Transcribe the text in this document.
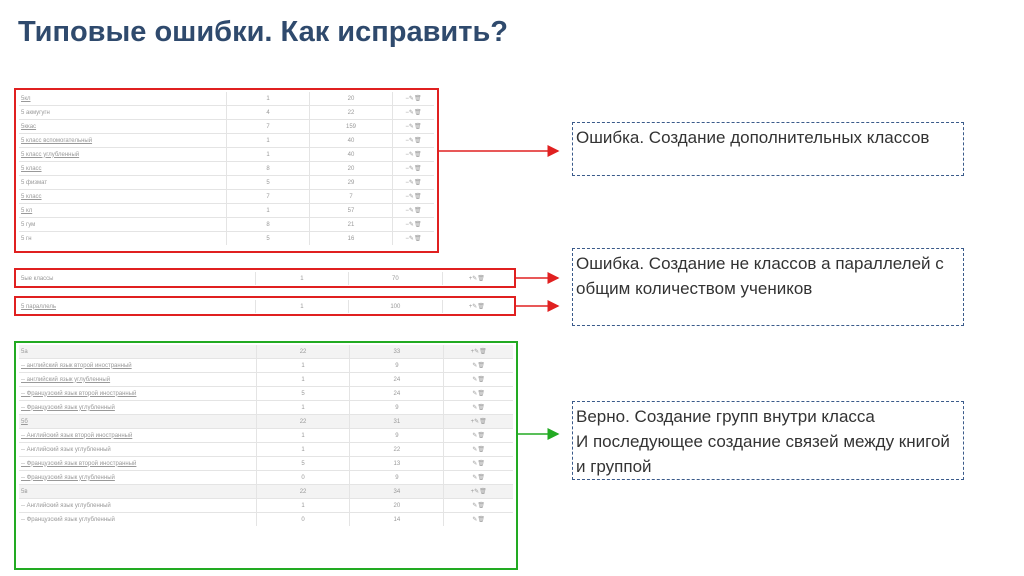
Типовые ошибки. Как исправить?
5кл	1	20	−✎🗑
5 акмугугн	4	22	−✎🗑
5ккас	7	159	−✎🗑
5 класс вспомогательный	1	40	−✎🗑
5 класс углубленный	1	40	−✎🗑
5 класс	8	20	−✎🗑
5 физмат	5	29	−✎🗑
5 класс	7	7	−✎🗑
5 кл	1	57	−✎🗑
5 гум	8	21	−✎🗑
5 гн	5	16	−✎🗑
5ые классы	1	70	+✎🗑
5 параллель	1	100	+✎🗑
5а	22	33	+✎🗑
-- английский язык второй иностранный	1	9	✎🗑
-- английский язык углубленный	1	24	✎🗑
-- Французский язык второй иностранный	5	24	✎🗑
-- Французский язык углубленный	1	9	✎🗑
5б	22	31	+✎🗑
-- Английский язык второй иностранный	1	9	✎🗑
-- Английский язык углубленный	1	22	✎🗑
-- Французский язык второй иностранный	5	13	✎🗑
-- Французский язык углубленный	0	9	✎🗑
5в	22	34	+✎🗑
-- Английский язык углубленный	1	20	✎🗑
-- Французский язык углубленный	0	14	✎🗑
Ошибка. Создание дополнительных классов
Ошибка. Создание не классов а параллелей с общим количеством учеников
Верно. Создание групп внутри класса
И последующее создание связей между книгой и группой
